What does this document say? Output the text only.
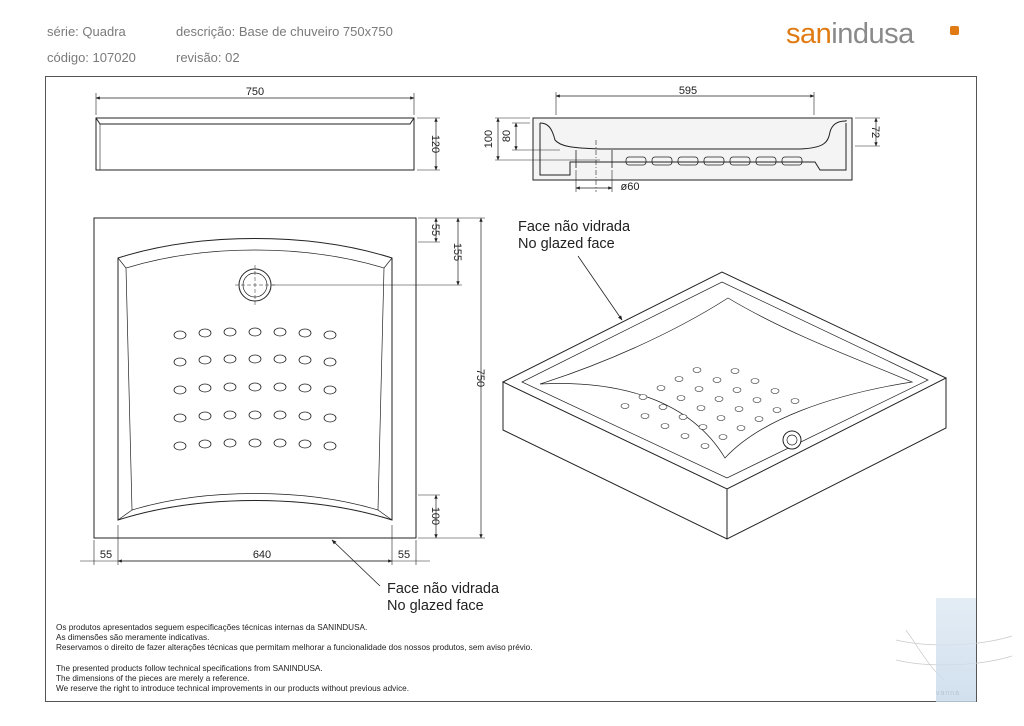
série: Quadra
código: 107020
descrição: Base de chuveiro 750x750
revisão: 02
sanindusa
750
120
595
100 80	72
ø60
55
155
750
100
55	640	55
Face não vidrada
No glazed face
Face não vidrada
No glazed face
Os produtos apresentados seguem especificações técnicas internas da SANINDUSA.
As dimensões são meramente indicativas.
Reservamos o direito de fazer alterações técnicas que permitam melhorar a funcionalidade dos nossos produtos, sem aviso prévio.
The presented products follow technical specifications from SANINDUSA.
The dimensions of the pieces are merely a reference.
We reserve the right to introduce technical improvements in our products without previous advice.
vanna
